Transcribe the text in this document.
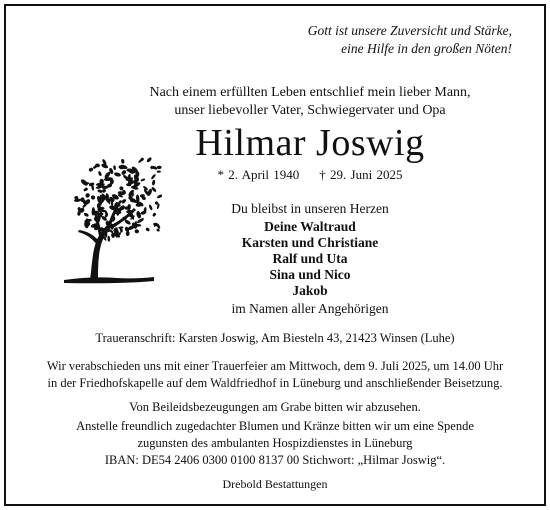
Gott ist unsere Zuversicht und Stärke,
eine Hilfe in den großen Nöten!
Nach einem erfüllten Leben entschlief mein lieber Mann,
unser liebevoller Vater, Schwiegervater und Opa
Hilmar Joswig
* 2. April 1940 † 29. Juni 2025
Du bleibst in unseren Herzen
Deine Waltraud
Karsten und Christiane
Ralf und Uta
Sina und Nico
Jakob
im Namen aller Angehörigen
Traueranschrift: Karsten Joswig, Am Biesteln 43, 21423 Winsen (Luhe)
Wir verabschieden uns mit einer Trauerfeier am Mittwoch, dem 9. Juli 2025, um 14.00 Uhr
in der Friedhofskapelle auf dem Waldfriedhof in Lüneburg und anschließender Beisetzung.
Von Beileidsbezeugungen am Grabe bitten wir abzusehen.
Anstelle freundlich zugedachter Blumen und Kränze bitten wir um eine Spende
zugunsten des ambulanten Hospizdienstes in Lüneburg
IBAN: DE54 2406 0300 0100 8137 00 Stichwort: „Hilmar Joswig“.
Drebold Bestattungen
